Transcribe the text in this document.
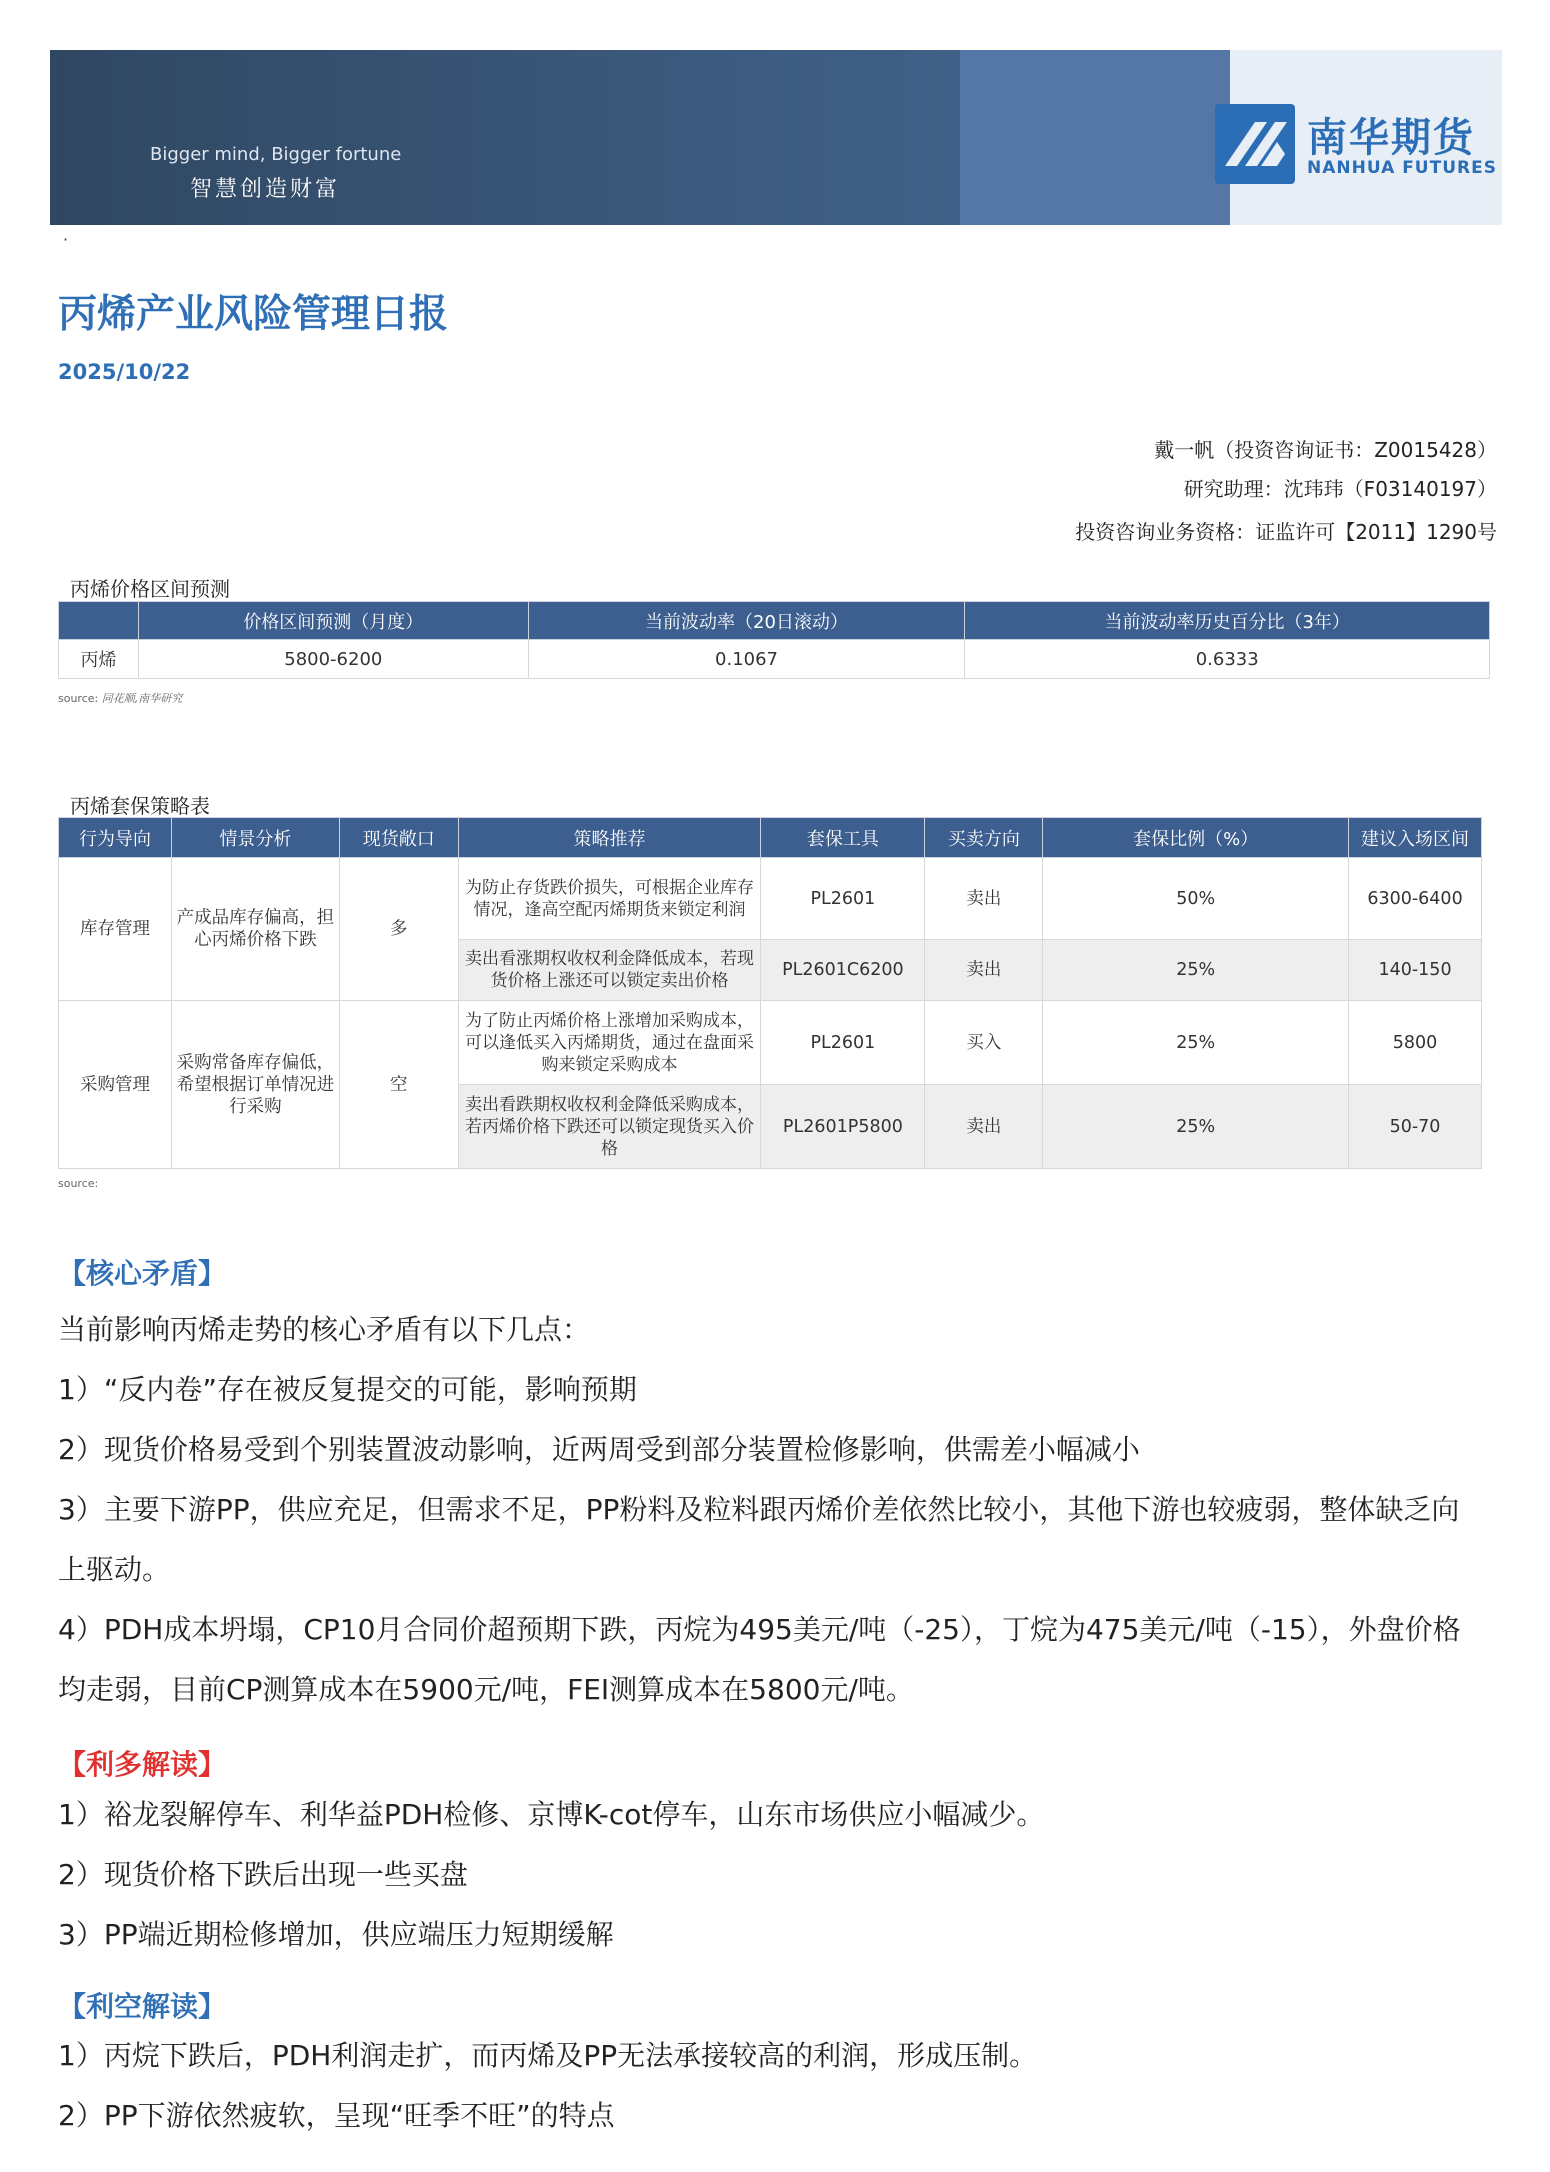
Bigger mind, Bigger fortune
智慧创造财富
南华期货
NANHUA FUTURES
·
丙烯产业风险管理日报
2025/10/22
戴一帆（投资咨询证书：Z0015428）
研究助理：沈玮玮（F03140197）
投资咨询业务资格：证监许可【2011】1290号
丙烯价格区间预测
	价格区间预测（月度）	当前波动率（20日滚动）	当前波动率历史百分比（3年）
丙烯	5800-6200	0.1067	0.6333
source: 同花顺,南华研究
丙烯套保策略表
行为导向	情景分析	现货敞口	策略推荐	套保工具	买卖方向	套保比例（%）	建议入场区间
库存管理	产成品库存偏高，担心丙烯价格下跌	多	为防止存货跌价损失，可根据企业库存情况，逢高空配丙烯期货来锁定利润	PL2601	卖出	50%	6300-6400
			卖出看涨期权收权利金降低成本，若现货价格上涨还可以锁定卖出价格	PL2601C6200	卖出	25%	140-150
采购管理	采购常备库存偏低，希望根据订单情况进行采购	空	为了防止丙烯价格上涨增加采购成本，可以逢低买入丙烯期货，通过在盘面采购来锁定采购成本	PL2601	买入	25%	5800
			卖出看跌期权收权利金降低采购成本，若丙烯价格下跌还可以锁定现货买入价格	PL2601P5800	卖出	25%	50-70
source:
【核心矛盾】
当前影响丙烯走势的核心矛盾有以下几点：
1）“反内卷”存在被反复提交的可能，影响预期
2）现货价格易受到个别装置波动影响，近两周受到部分装置检修影响，供需差小幅减小
3）主要下游PP，供应充足，但需求不足，PP粉料及粒料跟丙烯价差依然比较小，其他下游也较疲弱，整体缺乏向上驱动。
4）PDH成本坍塌，CP10月合同价超预期下跌，丙烷为495美元/吨（-25），丁烷为475美元/吨（-15），外盘价格均走弱，目前CP测算成本在5900元/吨，FEI测算成本在5800元/吨。
【利多解读】
1）裕龙裂解停车、利华益PDH检修、京博K-cot停车，山东市场供应小幅减少。
2）现货价格下跌后出现一些买盘
3）PP端近期检修增加，供应端压力短期缓解
【利空解读】
1）丙烷下跌后，PDH利润走扩，而丙烯及PP无法承接较高的利润，形成压制。
2）PP下游依然疲软，呈现“旺季不旺”的特点
